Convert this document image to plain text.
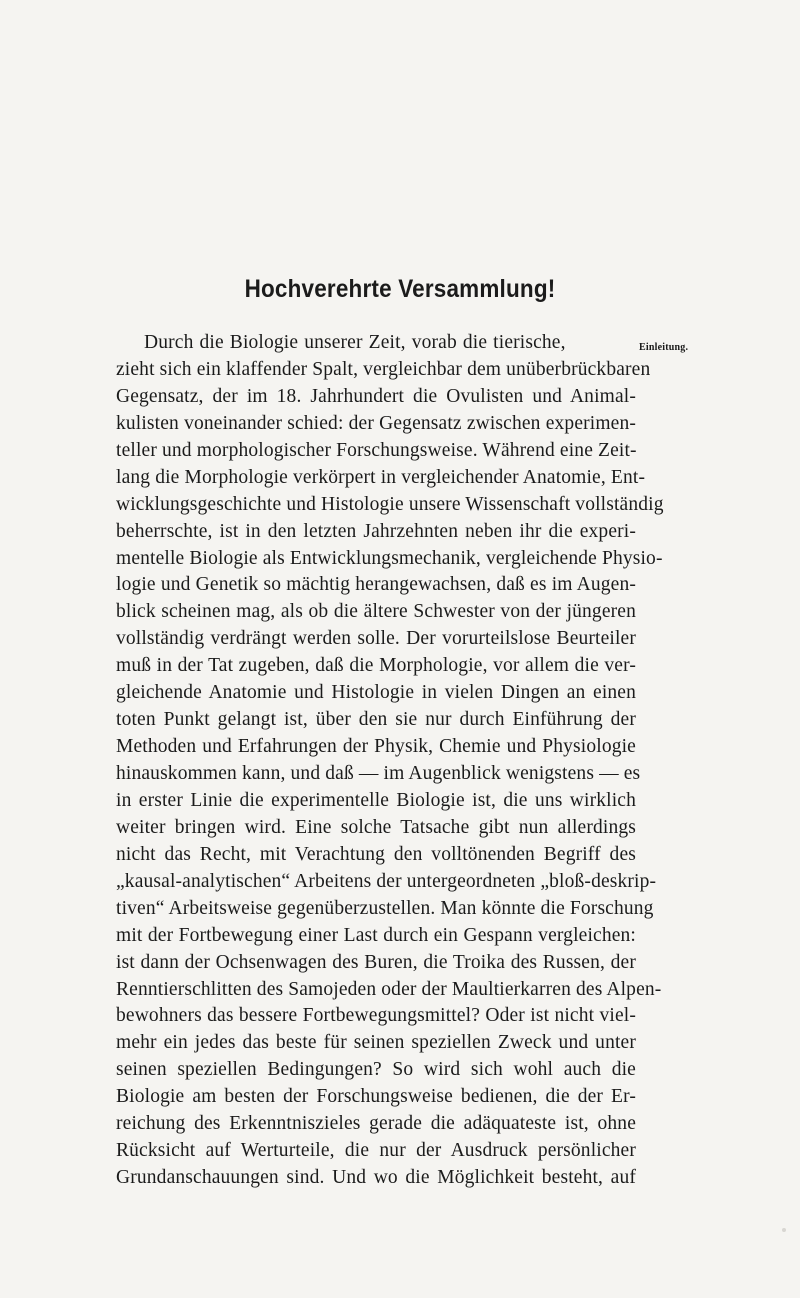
Hochverehrte Versammlung!
Einleitung.
Durch die Biologie unserer Zeit, vorab die tierische,
zieht sich ein klaffender Spalt, vergleichbar dem unüberbrückbaren
Gegensatz, der im 18. Jahrhundert die Ovulisten und Animal-
kulisten voneinander schied: der Gegensatz zwischen experimen-
teller und morphologischer Forschungsweise. Während eine Zeit-
lang die Morphologie verkörpert in vergleichender Anatomie, Ent-
wicklungsgeschichte und Histologie unsere Wissenschaft vollständig
beherrschte, ist in den letzten Jahrzehnten neben ihr die experi-
mentelle Biologie als Entwicklungsmechanik, vergleichende Physio-
logie und Genetik so mächtig herangewachsen, daß es im Augen-
blick scheinen mag, als ob die ältere Schwester von der jüngeren
vollständig verdrängt werden solle. Der vorurteilslose Beurteiler
muß in der Tat zugeben, daß die Morphologie, vor allem die ver-
gleichende Anatomie und Histologie in vielen Dingen an einen
toten Punkt gelangt ist, über den sie nur durch Einführung der
Methoden und Erfahrungen der Physik, Chemie und Physiologie
hinauskommen kann, und daß — im Augenblick wenigstens — es
in erster Linie die experimentelle Biologie ist, die uns wirklich
weiter bringen wird. Eine solche Tatsache gibt nun allerdings
nicht das Recht, mit Verachtung den volltönenden Begriff des
„kausal-analytischen“ Arbeitens der untergeordneten „bloß-deskrip-
tiven“ Arbeitsweise gegenüberzustellen. Man könnte die Forschung
mit der Fortbewegung einer Last durch ein Gespann vergleichen:
ist dann der Ochsenwagen des Buren, die Troika des Russen, der
Renntierschlitten des Samojeden oder der Maultierkarren des Alpen-
bewohners das bessere Fortbewegungsmittel? Oder ist nicht viel-
mehr ein jedes das beste für seinen speziellen Zweck und unter
seinen speziellen Bedingungen? So wird sich wohl auch die
Biologie am besten der Forschungsweise bedienen, die der Er-
reichung des Erkenntniszieles gerade die adäquateste ist, ohne
Rücksicht auf Werturteile, die nur der Ausdruck persönlicher
Grundanschauungen sind. Und wo die Möglichkeit besteht, auf
